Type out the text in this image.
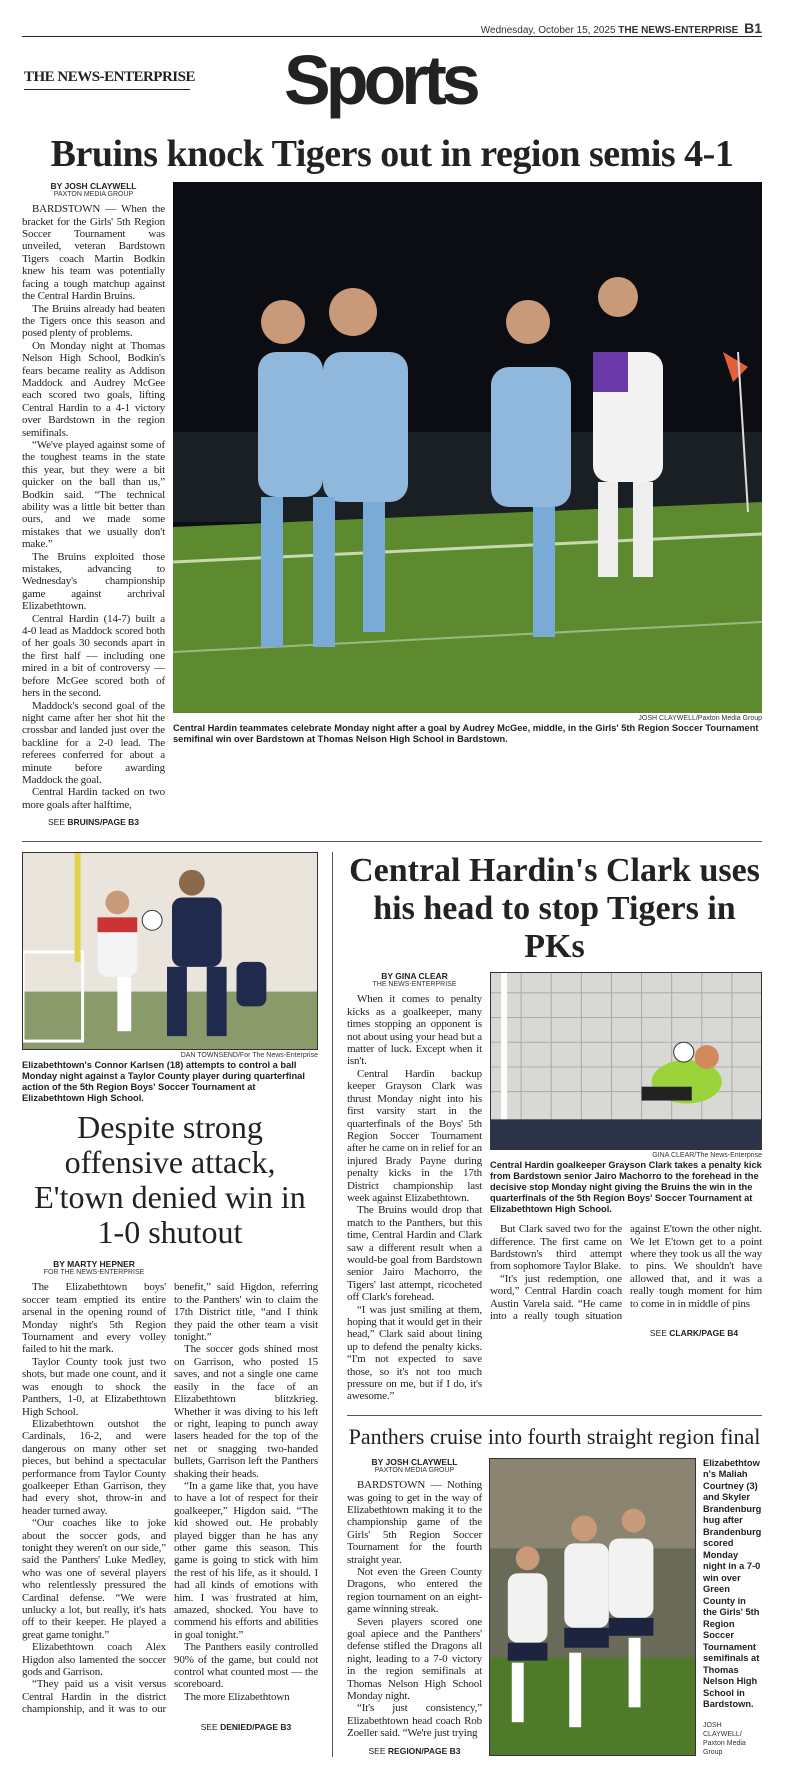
Wednesday, October 15, 2025 THE NEWS-ENTERPRISE B1
THE NEWS-ENTERPRISE Sports
Bruins knock Tigers out in region semis 4-1
BY JOSH CLAYWELL
PAXTON MEDIA GROUP

BARDSTOWN — When the bracket for the Girls' 5th Region Soccer Tournament was unveiled, veteran Bardstown Tigers coach Martin Bodkin knew his team was potentially facing a tough matchup against the Central Hardin Bruins.

The Bruins already had beaten the Tigers once this season and posed plenty of problems.

On Monday night at Thomas Nelson High School, Bodkin's fears became reality as Addison Maddock and Audrey McGee each scored two goals, lifting Central Hardin to a 4-1 victory over Bardstown in the region semifinals.

“We've played against some of the toughest teams in the state this year, but they were a bit quicker on the ball than us,” Bodkin said. “The technical ability was a little bit better than ours, and we made some mistakes that we usually don't make.”

The Bruins exploited those mistakes, advancing to Wednesday's championship game against archrival Elizabethtown.

Central Hardin (14-7) built a 4-0 lead as Maddock scored both of her goals 30 seconds apart in the first half — including one mired in a bit of controversy — before McGee scored both of hers in the second.

Maddock's second goal of the night came after her shot hit the crossbar and landed just over the backline for a 2-0 lead. The referees conferred for about a minute before awarding Maddock the goal.

Central Hardin tacked on two more goals after halftime,

SEE BRUINS/PAGE B3
JOSH CLAYWELL/Paxton Media Group
Central Hardin teammates celebrate Monday night after a goal by Audrey McGee, middle, in the Girls' 5th Region Soccer Tournament semifinal win over Bardstown at Thomas Nelson High School in Bardstown.
DAN TOWNSEND/For The News-Enterprise
Elizabethtown's Connor Karlsen (18) attempts to control a ball Monday night against a Taylor County player during quarterfinal action of the 5th Region Boys' Soccer Tournament at Elizabethtown High School.
Despite strong offensive attack, E'town denied win in 1-0 shutout
BY MARTY HEPNER
FOR THE NEWS-ENTERPRISE

The Elizabethtown boys' soccer team emptied its entire arsenal in the opening round of Monday night's 5th Region Tournament and every volley failed to hit the mark.

Taylor County took just two shots, but made one count, and it was enough to shock the Panthers, 1-0, at Elizabethtown High School.

Elizabethtown outshot the Cardinals, 16-2, and were dangerous on many other set pieces, but behind a spectacular performance from Taylor County goalkeeper Ethan Garrison, they had every shot, throw-in and header turned away.

“Our coaches like to joke about the soccer gods, and tonight they weren't on our side,” said the Panthers' Luke Medley, who was one of several players who relentlessly pressured the Cardinal defense. “We were unlucky a lot, but really, it's hats off to their keeper. He played a great game tonight.”

Elizabethtown coach Alex Higdon also lamented the soccer gods and Garrison.

“They paid us a visit versus Central Hardin in the district championship, and it was to our benefit,” said Higdon, referring to the Panthers' win to claim the 17th District title, “and I think they paid the other team a visit tonight.”

The soccer gods shined most on Garrison, who posted 15 saves, and not a single one came easily in the face of an Elizabethtown blitzkrieg. Whether it was diving to his left or right, leaping to punch away lasers headed for the top of the net or snagging two-handed bullets, Garrison left the Panthers shaking their heads.

“In a game like that, you have to have a lot of respect for their goalkeeper,” Higdon said. “The kid showed out. He probably played bigger than he has any other game this season. This game is going to stick with him the rest of his life, as it should. I had all kinds of emotions with him. I was frustrated at him, amazed, shocked. You have to commend his efforts and abilities in goal tonight.”

The Panthers easily controlled 90% of the game, but could not control what counted most — the scoreboard.

The more Elizabethtown

SEE DENIED/PAGE B3
Central Hardin's Clark uses his head to stop Tigers in PKs
BY GINA CLEAR
THE NEWS-ENTERPRISE

When it comes to penalty kicks as a goalkeeper, many times stopping an opponent is not about using your head but a matter of luck. Except when it isn't.

Central Hardin backup keeper Grayson Clark was thrust Monday night into his first varsity start in the quarterfinals of the Boys' 5th Region Soccer Tournament after he came on in relief for an injured Brady Payne during penalty kicks in the 17th District championship last week against Elizabethtown.

The Bruins would drop that match to the Panthers, but this time, Central Hardin and Clark saw a different result when a would-be goal from Bardstown senior Jairo Machorro, the Tigers' last attempt, ricocheted off Clark's forehead.

“I was just smiling at them, hoping that it would get in their head,” Clark said about lining up to defend the penalty kicks. “I'm not expected to save those, so it's not too much pressure on me, but if I do, it's awesome.”

GINA CLEAR/The News-Enterprise
Central Hardin goalkeeper Grayson Clark takes a penalty kick from Bardstown senior Jairo Machorro to the forehead in the decisive stop Monday night giving the Bruins the win in the quarterfinals of the 5th Region Boys' Soccer Tournament at Elizabethtown High School.

But Clark saved two for the difference. The first came on Bardstown's third attempt from sophomore Taylor Blake.

“It's just redemption, one word,” Central Hardin coach Austin Varela said. “He came into a really tough situation against E'town the other night. We let E'town get to a point where they took us all the way to pins. We shouldn't have allowed that, and it was a really tough moment for him to come in in middle of pins

SEE CLARK/PAGE B4
Panthers cruise into fourth straight region final
BY JOSH CLAYWELL
PAXTON MEDIA GROUP

BARDSTOWN — Nothing was going to get in the way of Elizabethtown making it to the championship game of the Girls' 5th Region Soccer Tournament for the fourth straight year.

Not even the Green County Dragons, who entered the region tournament on an eight-game winning streak.

Seven players scored one goal apiece and the Panthers' defense stifled the Dragons all night, leading to a 7-0 victory in the region semifinals at Thomas Nelson High School Monday night.

“It's just consistency,” Elizabethtown head coach Rob Zoeller said. “We're just trying

SEE REGION/PAGE B3
Elizabethtown's Maliah Courtney (3) and Skyler Brandenburg hug after Brandenburg scored Monday night in a 7-0 win over Green County in the Girls' 5th Region Soccer Tournament semifinals at Thomas Nelson High School in Bardstown.
JOSH CLAYWELL/ Paxton Media Group
